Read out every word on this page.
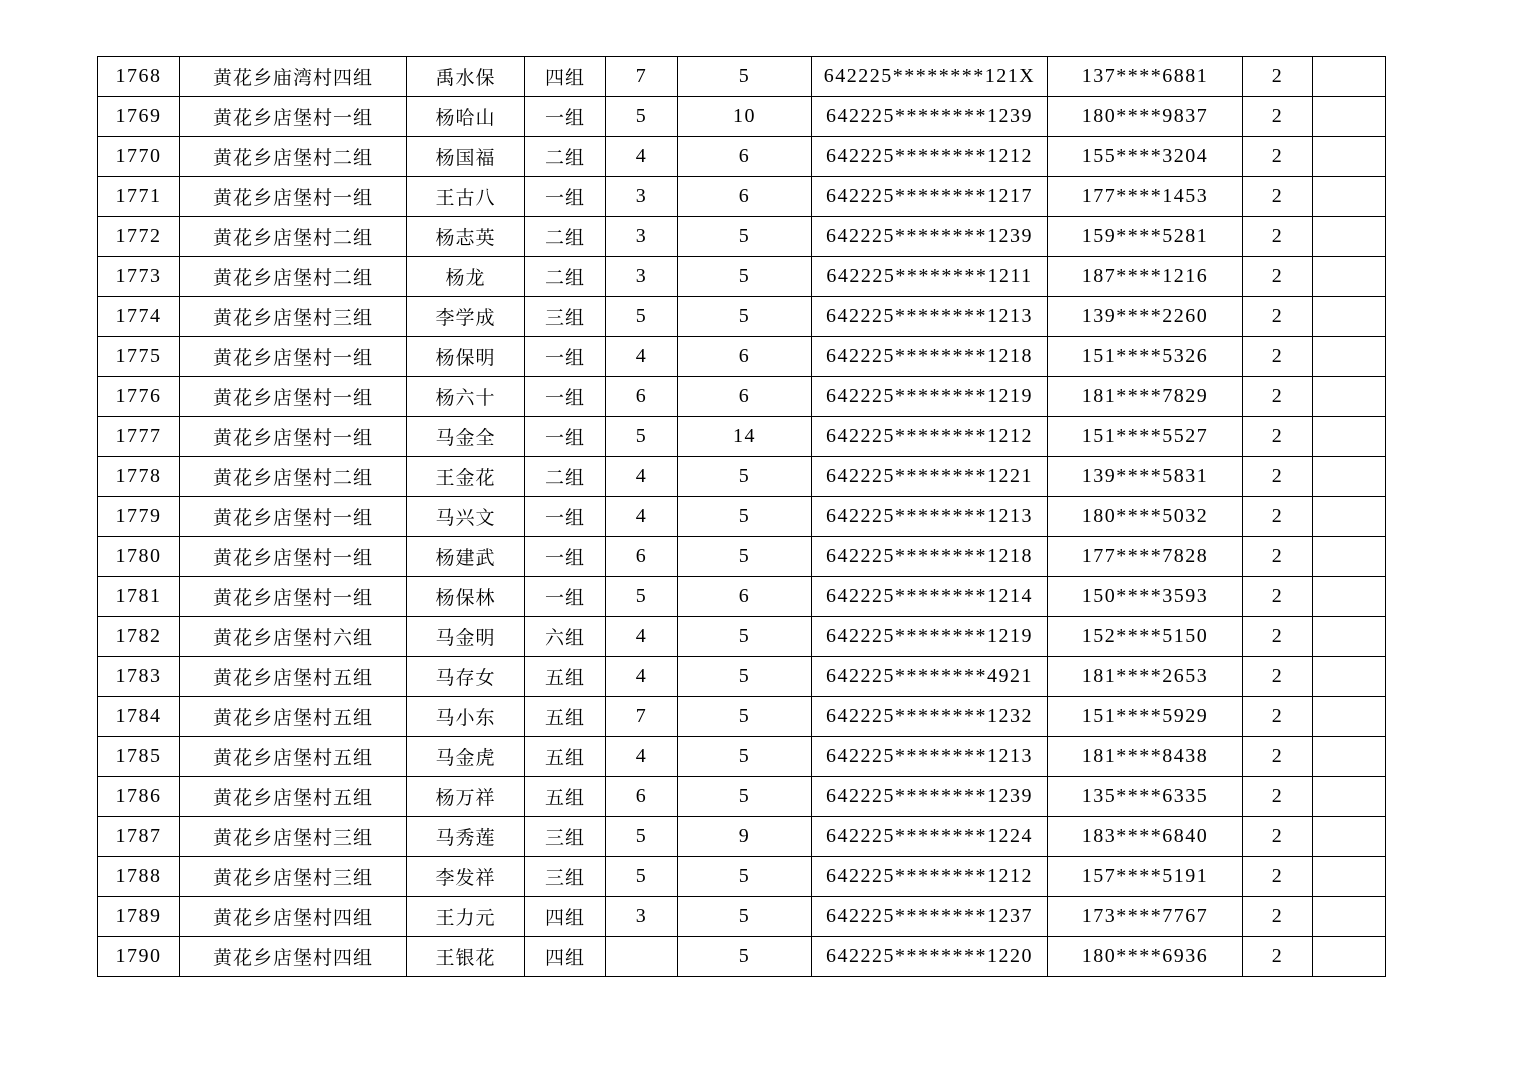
1768	黄花乡庙湾村四组	禹水保	四组	7	5	642225********121X	137****6881	2	
1769	黄花乡店堡村一组	杨哈山	一组	5	10	642225********1239	180****9837	2	
1770	黄花乡店堡村二组	杨国福	二组	4	6	642225********1212	155****3204	2	
1771	黄花乡店堡村一组	王古八	一组	3	6	642225********1217	177****1453	2	
1772	黄花乡店堡村二组	杨志英	二组	3	5	642225********1239	159****5281	2	
1773	黄花乡店堡村二组	杨龙	二组	3	5	642225********1211	187****1216	2	
1774	黄花乡店堡村三组	李学成	三组	5	5	642225********1213	139****2260	2	
1775	黄花乡店堡村一组	杨保明	一组	4	6	642225********1218	151****5326	2	
1776	黄花乡店堡村一组	杨六十	一组	6	6	642225********1219	181****7829	2	
1777	黄花乡店堡村一组	马金全	一组	5	14	642225********1212	151****5527	2	
1778	黄花乡店堡村二组	王金花	二组	4	5	642225********1221	139****5831	2	
1779	黄花乡店堡村一组	马兴文	一组	4	5	642225********1213	180****5032	2	
1780	黄花乡店堡村一组	杨建武	一组	6	5	642225********1218	177****7828	2	
1781	黄花乡店堡村一组	杨保林	一组	5	6	642225********1214	150****3593	2	
1782	黄花乡店堡村六组	马金明	六组	4	5	642225********1219	152****5150	2	
1783	黄花乡店堡村五组	马存女	五组	4	5	642225********4921	181****2653	2	
1784	黄花乡店堡村五组	马小东	五组	7	5	642225********1232	151****5929	2	
1785	黄花乡店堡村五组	马金虎	五组	4	5	642225********1213	181****8438	2	
1786	黄花乡店堡村五组	杨万祥	五组	6	5	642225********1239	135****6335	2	
1787	黄花乡店堡村三组	马秀莲	三组	5	9	642225********1224	183****6840	2	
1788	黄花乡店堡村三组	李发祥	三组	5	5	642225********1212	157****5191	2	
1789	黄花乡店堡村四组	王力元	四组	3	5	642225********1237	173****7767	2	
1790	黄花乡店堡村四组	王银花	四组		5	642225********1220	180****6936	2	
